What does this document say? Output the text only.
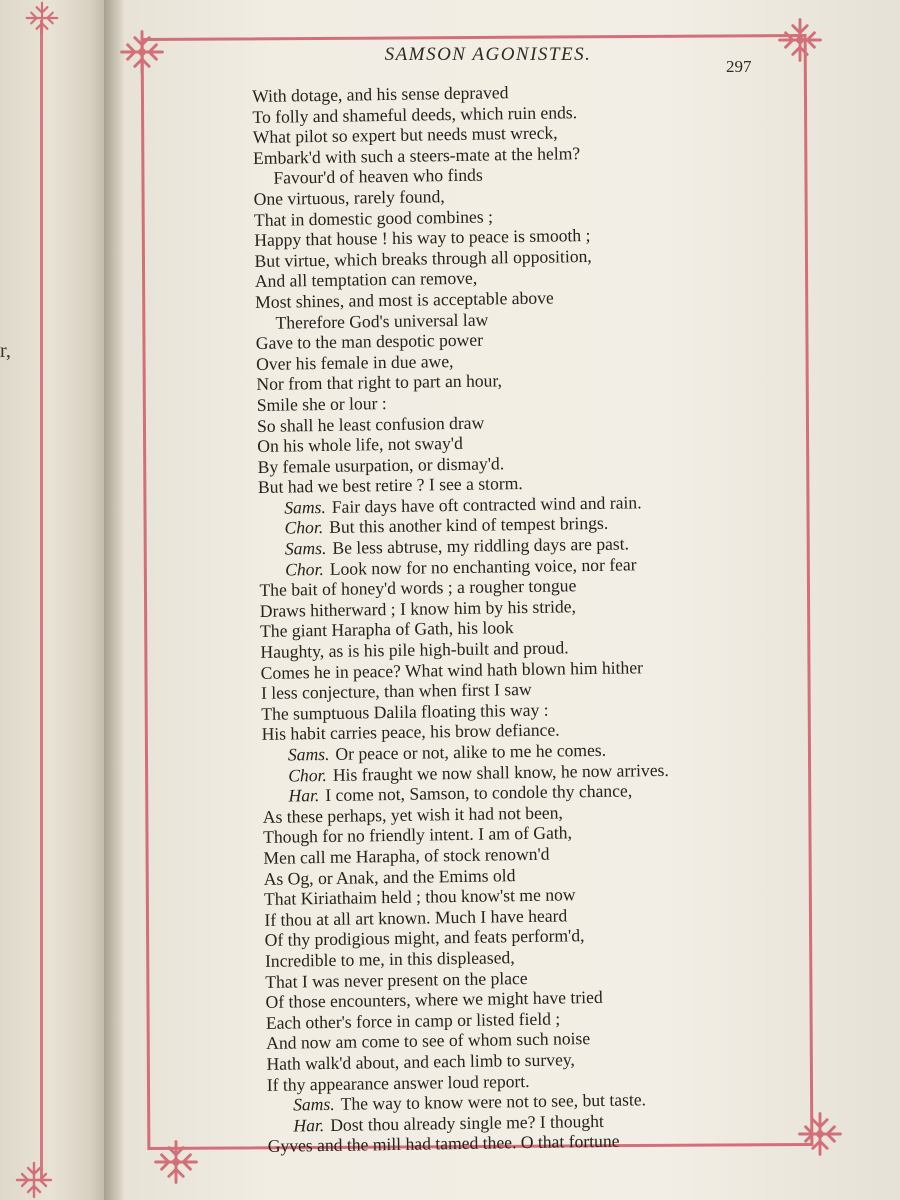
r,
SAMSON AGONISTES.
297
With dotage, and his sense depraved
To folly and shameful deeds, which ruin ends.
What pilot so expert but needs must wreck,
Embark'd with such a steers-mate at the helm?
Favour'd of heaven who finds
One virtuous, rarely found,
That in domestic good combines ;
Happy that house ! his way to peace is smooth ;
But virtue, which breaks through all opposition,
And all temptation can remove,
Most shines, and most is acceptable above
Therefore God's universal law
Gave to the man despotic power
Over his female in due awe,
Nor from that right to part an hour,
Smile she or lour :
So shall he least confusion draw
On his whole life, not sway'd
By female usurpation, or dismay'd.
But had we best retire ? I see a storm.
Sams. Fair days have oft contracted wind and rain.
Chor. But this another kind of tempest brings.
Sams. Be less abtruse, my riddling days are past.
Chor. Look now for no enchanting voice, nor fear
The bait of honey'd words ; a rougher tongue
Draws hitherward ; I know him by his stride,
The giant Harapha of Gath, his look
Haughty, as is his pile high-built and proud.
Comes he in peace? What wind hath blown him hither
I less conjecture, than when first I saw
The sumptuous Dalila floating this way :
His habit carries peace, his brow defiance.
Sams. Or peace or not, alike to me he comes.
Chor. His fraught we now shall know, he now arrives.
Har. I come not, Samson, to condole thy chance,
As these perhaps, yet wish it had not been,
Though for no friendly intent. I am of Gath,
Men call me Harapha, of stock renown'd
As Og, or Anak, and the Emims old
That Kiriathaim held ; thou know'st me now
If thou at all art known. Much I have heard
Of thy prodigious might, and feats perform'd,
Incredible to me, in this displeased,
That I was never present on the place
Of those encounters, where we might have tried
Each other's force in camp or listed field ;
And now am come to see of whom such noise
Hath walk'd about, and each limb to survey,
If thy appearance answer loud report.
Sams. The way to know were not to see, but taste.
Har. Dost thou already single me? I thought
Gyves and the mill had tamed thee. O that fortune
